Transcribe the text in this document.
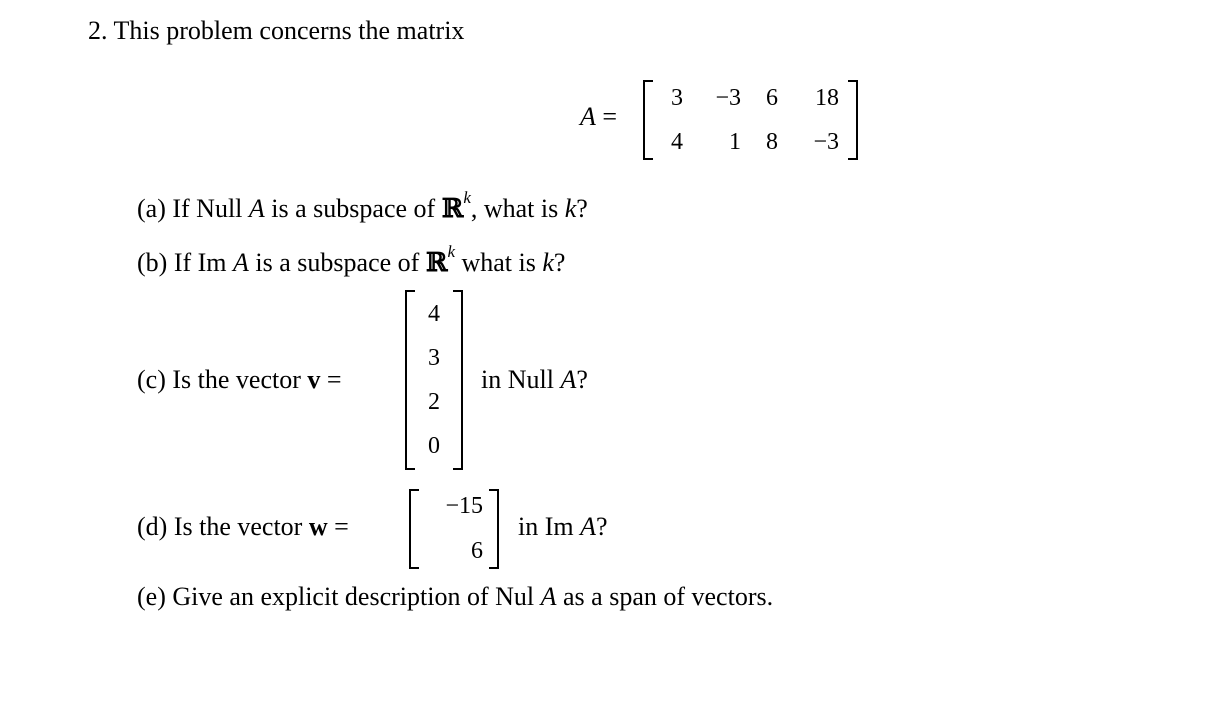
2. This problem concerns the matrix
A =
3	−3	6	18
4	1	8	−3
(a) If Null A is a subspace of ℝ$^k$, what is k?
(b) If Im A is a subspace of ℝ$^k$ what is k?
(c) Is the vector v =
4
3
2
0
in Null A?
(d) Is the vector w =
−15
6
in Im A?
(e) Give an explicit description of Nul A as a span of vectors.
